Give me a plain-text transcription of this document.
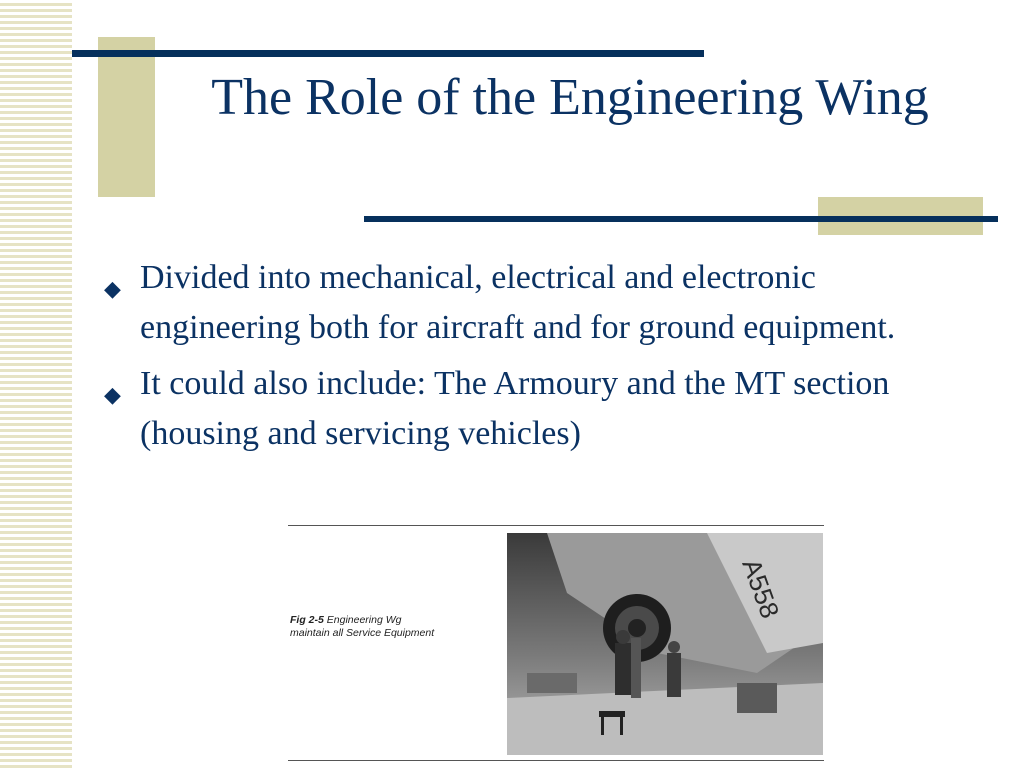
The Role of the Engineering Wing
◆ Divided into mechanical, electrical and electronic engineering both for aircraft and for ground equipment.
◆ It could also include: The Armoury and the MT section (housing and servicing vehicles)
Fig 2-5 Engineering Wg maintain all Service Equipment
A558
